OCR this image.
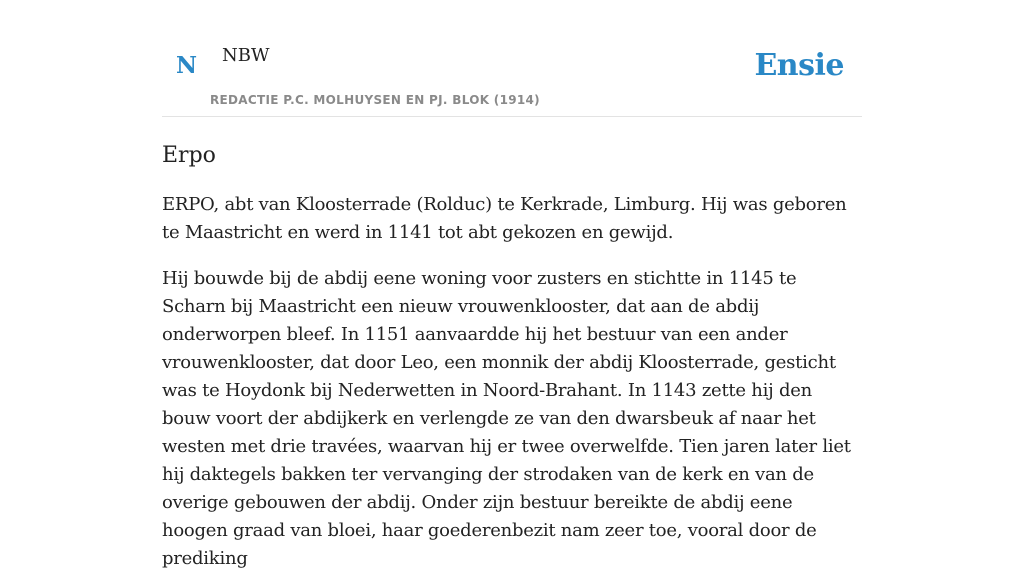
N NBW	Ensie
REDACTIE P.C. MOLHUYSEN EN PJ. BLOK (1914)
Erpo

ERPO, abt van Kloosterrade (Rolduc) te Kerkrade, Limburg. Hij was geboren te Maastricht en werd in 1141 tot abt gekozen en gewijd.

Hij bouwde bij de abdij eene woning voor zusters en stichtte in 1145 te Scharn bij Maastricht een nieuw vrouwenklooster, dat aan de abdij onderworpen bleef. In 1151 aanvaardde hij het bestuur van een ander vrouwenklooster, dat door Leo, een monnik der abdij Kloosterrade, gesticht was te Hoydonk bij Nederwetten in Noord-Brahant. In 1143 zette hij den bouw voort der abdijkerk en verlengde ze van den dwarsbeuk af naar het westen met drie travées, waarvan hij er twee overwelfde. Tien jaren later liet hij daktegels bakken ter vervanging der strodaken van de kerk en van de overige gebouwen der abdij. Onder zijn bestuur bereikte de abdij eene hoogen graad van bloei, haar goederenbezit nam zeer toe, vooral door de prediking
